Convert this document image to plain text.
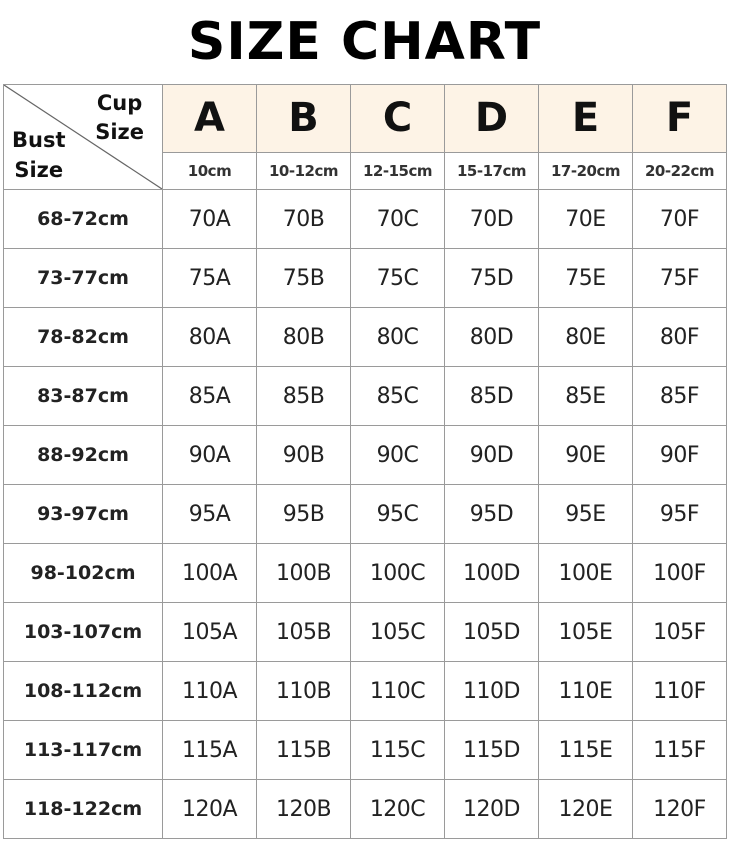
SIZE CHART
Cup
Size
Bust
Size	A	B	C	D	E	F
	10cm	10-12cm	12-15cm	15-17cm	17-20cm	20-22cm
68-72cm	70A	70B	70C	70D	70E	70F
73-77cm	75A	75B	75C	75D	75E	75F
78-82cm	80A	80B	80C	80D	80E	80F
83-87cm	85A	85B	85C	85D	85E	85F
88-92cm	90A	90B	90C	90D	90E	90F
93-97cm	95A	95B	95C	95D	95E	95F
98-102cm	100A	100B	100C	100D	100E	100F
103-107cm	105A	105B	105C	105D	105E	105F
108-112cm	110A	110B	110C	110D	110E	110F
113-117cm	115A	115B	115C	115D	115E	115F
118-122cm	120A	120B	120C	120D	120E	120F
